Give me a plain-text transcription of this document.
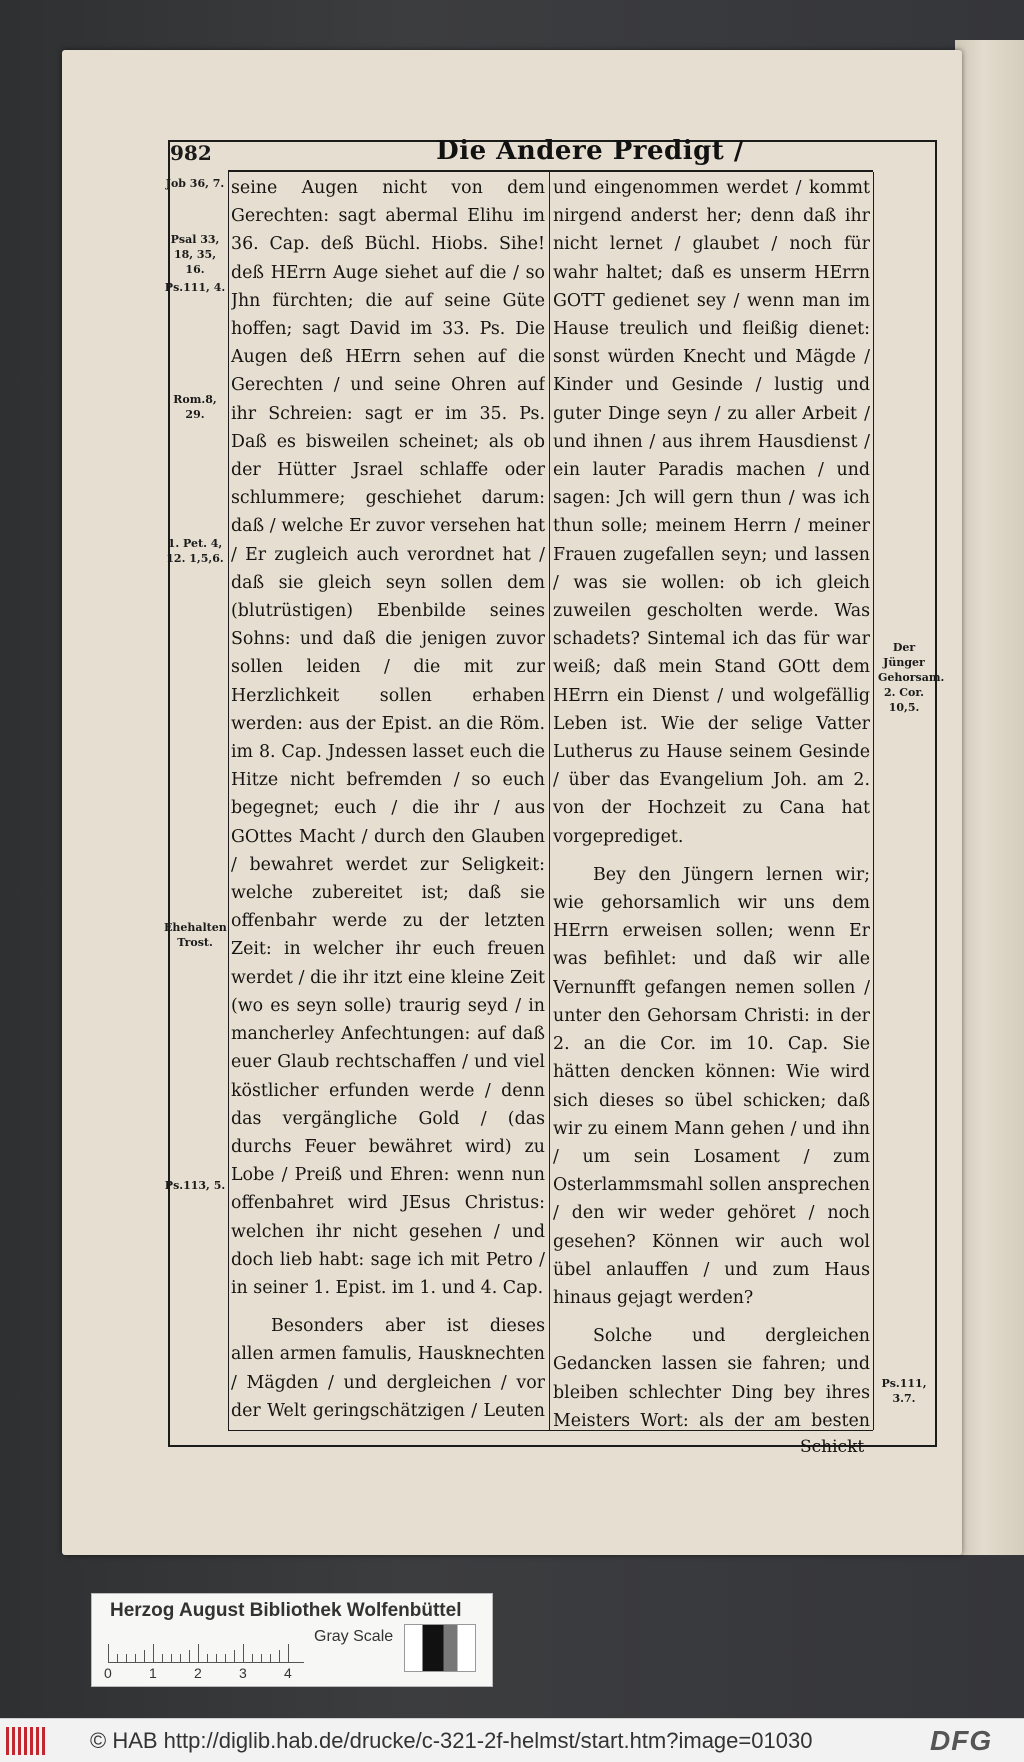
982	Die Andere Predigt /
Job 36, 7.
Psal 33, 18, 35, 16.
Ps.111, 4.
Rom.8, 29.
1. Pet. 4, 12. 1,5,6.
Ehehalten Trost.
Ps.113, 5.
Der Jünger Gehorsam. 2. Cor. 10,5.
Ps.111, 3.7.

seine Augen nicht von dem Gerechten: sagt abermal Elihu im 36. Cap. deß Büchl. Hiobs. Sihe! deß HErrn Auge siehet auf die / so Jhn fürchten; die auf seine Güte hoffen; sagt David im 33. Ps. Die Augen deß HErrn sehen auf die Gerechten / und seine Ohren auf ihr Schreien: sagt er im 35. Ps. Daß es bisweilen scheinet; als ob der Hütter Jsrael schlaffe oder schlummere; geschiehet darum: daß / welche Er zuvor versehen hat / Er zugleich auch verordnet hat / daß sie gleich seyn sollen dem (blutrüstigen) Ebenbilde seines Sohns: und daß die jenigen zuvor sollen leiden / die mit zur Herzlichkeit sollen erhaben werden: aus der Epist. an die Röm. im 8. Cap. Jndessen lasset euch die Hitze nicht befremden / so euch begegnet; euch / die ihr / aus GOttes Macht / durch den Glauben / bewahret werdet zur Seligkeit: welche zubereitet ist; daß sie offenbahr werde zu der letzten Zeit: in welcher ihr euch freuen werdet / die ihr itzt eine kleine Zeit (wo es seyn solle) traurig seyd / in mancherley Anfechtungen: auf daß euer Glaub rechtschaffen / und viel köstlicher erfunden werde / denn das vergängliche Gold / (das durchs Feuer bewähret wird) zu Lobe / Preiß und Ehren: wenn nun offenbahret wird JEsus Christus: welchen ihr nicht gesehen / und doch lieb habt: sage ich mit Petro / in seiner 1. Epist. im 1. und 4. Cap.

Besonders aber ist dieses allen armen famulis, Hausknechten / Mägden / und dergleichen / vor der Welt geringschätzigen / Leuten

und eingenommen werdet / kommt nirgend anderst her; denn daß ihr nicht lernet / glaubet / noch für wahr haltet; daß es unserm HErrn GOTT gedienet sey / wenn man im Hause treulich und fleißig dienet: sonst würden Knecht und Mägde / Kinder und Gesinde / lustig und guter Dinge seyn / zu aller Arbeit / und ihnen / aus ihrem Hausdienst / ein lauter Paradis machen / und sagen: Jch will gern thun / was ich thun solle; meinem Herrn / meiner Frauen zugefallen seyn; und lassen / was sie wollen: ob ich gleich zuweilen gescholten werde. Was schadets? Sintemal ich das für war weiß; daß mein Stand GOtt dem HErrn ein Dienst / und wolgefällig Leben ist. Wie der selige Vatter Lutherus zu Hause seinem Gesinde / über das Evangelium Joh. am 2. von der Hochzeit zu Cana hat vorgeprediget.

Bey den Jüngern lernen wir; wie gehorsamlich wir uns dem HErrn erweisen sollen; wenn Er was befihlet: und daß wir alle Vernunfft gefangen nemen sollen / unter den Gehorsam Christi: in der 2. an die Cor. im 10. Cap. Sie hätten dencken können: Wie wird sich dieses so übel schicken; daß wir zu einem Mann gehen / und ihn / um sein Losament / zum Osterlammsmahl sollen ansprechen / den wir weder gehöret / noch gesehen? Können wir auch wol übel anlauffen / und zum Haus hinaus gejagt werden?

Solche und dergleichen Gedancken lassen sie fahren; und bleiben schlechter Ding bey ihres Meisters Wort: als der am besten

Schickt
Herzog August Bibliothek Wolfenbüttel
0	1	2	3	4
Gray Scale
© HAB http://diglib.hab.de/drucke/c-321-2f-helmst/start.htm?image=01030	DFG
